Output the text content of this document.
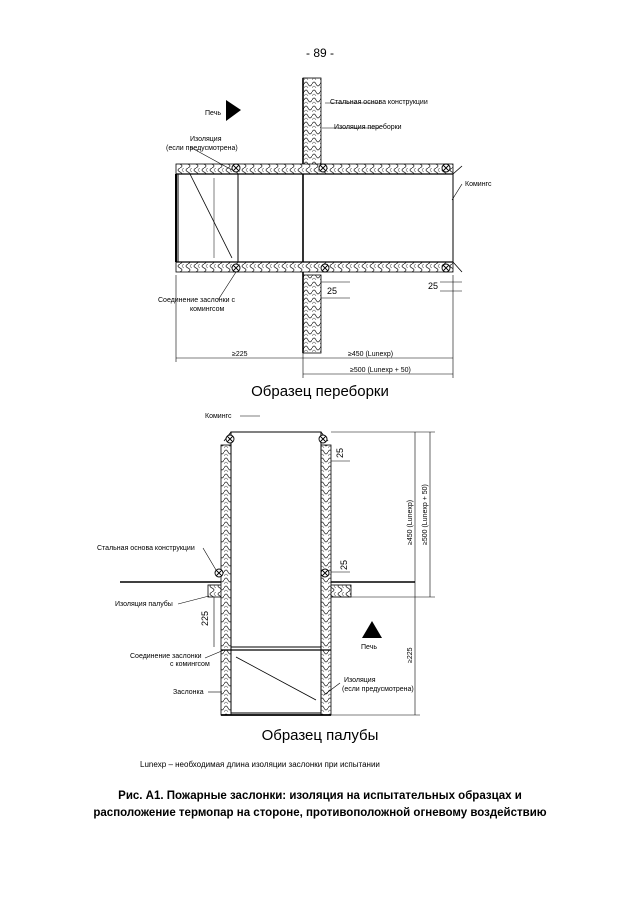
- 89 -
Печь
Стальная основа конструкции
Изоляция переборки
Изоляция
(если предусмотрена)
Комингс
Соединение заслонки с
комингсом
25	25
≥225	≥450 (Lunexp)
≥500 (Lunexp + 50)
Комингс
Стальная основа конструкции
Изоляция палубы
Соединение заслонки
с комингсом
Заслонка
Изоляция
(если предусмотрена)
Печь
25
25
225
≥450 (Lunexp) ≥500 (Lunexp + 50)
≥225
Образец переборки
Образец палубы
Lunexp – необходимая длина изоляции заслонки при испытании
Рис. А1. Пожарные заслонки: изоляция на испытательных образцах и
расположение термопар на стороне, противоположной огневому воздействию
